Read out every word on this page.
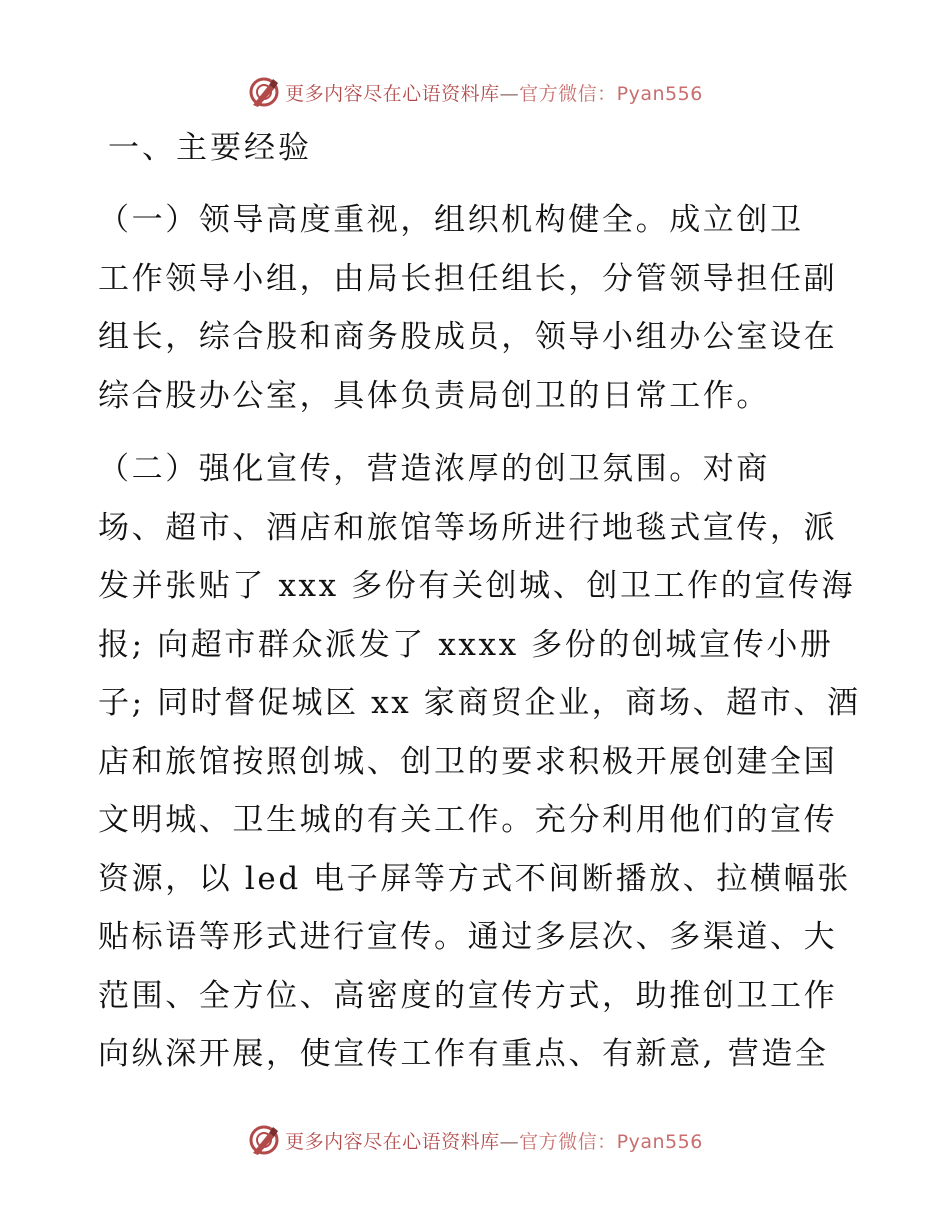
更多内容尽在心语资料库—官方微信：Pyan556
一、主要经验
（一）领导高度重视，组织机构健全。成立创卫
工作领导小组，由局长担任组长，分管领导担任副
组长，综合股和商务股成员，领导小组办公室设在
综合股办公室，具体负责局创卫的日常工作。
（二）强化宣传，营造浓厚的创卫氛围。对商
场、超市、酒店和旅馆等场所进行地毯式宣传，派
发并张贴了 xxx 多份有关创城、创卫工作的宣传海
报; 向超市群众派发了 xxxx 多份的创城宣传小册
子; 同时督促城区 xx 家商贸企业，商场、超市、酒
店和旅馆按照创城、创卫的要求积极开展创建全国
文明城、卫生城的有关工作。充分利用他们的宣传
资源，以 led 电子屏等方式不间断播放、拉横幅张
贴标语等形式进行宣传。通过多层次、多渠道、大
范围、全方位、高密度的宣传方式，助推创卫工作
向纵深开展，使宣传工作有重点、有新意, 营造全
更多内容尽在心语资料库—官方微信：Pyan556
